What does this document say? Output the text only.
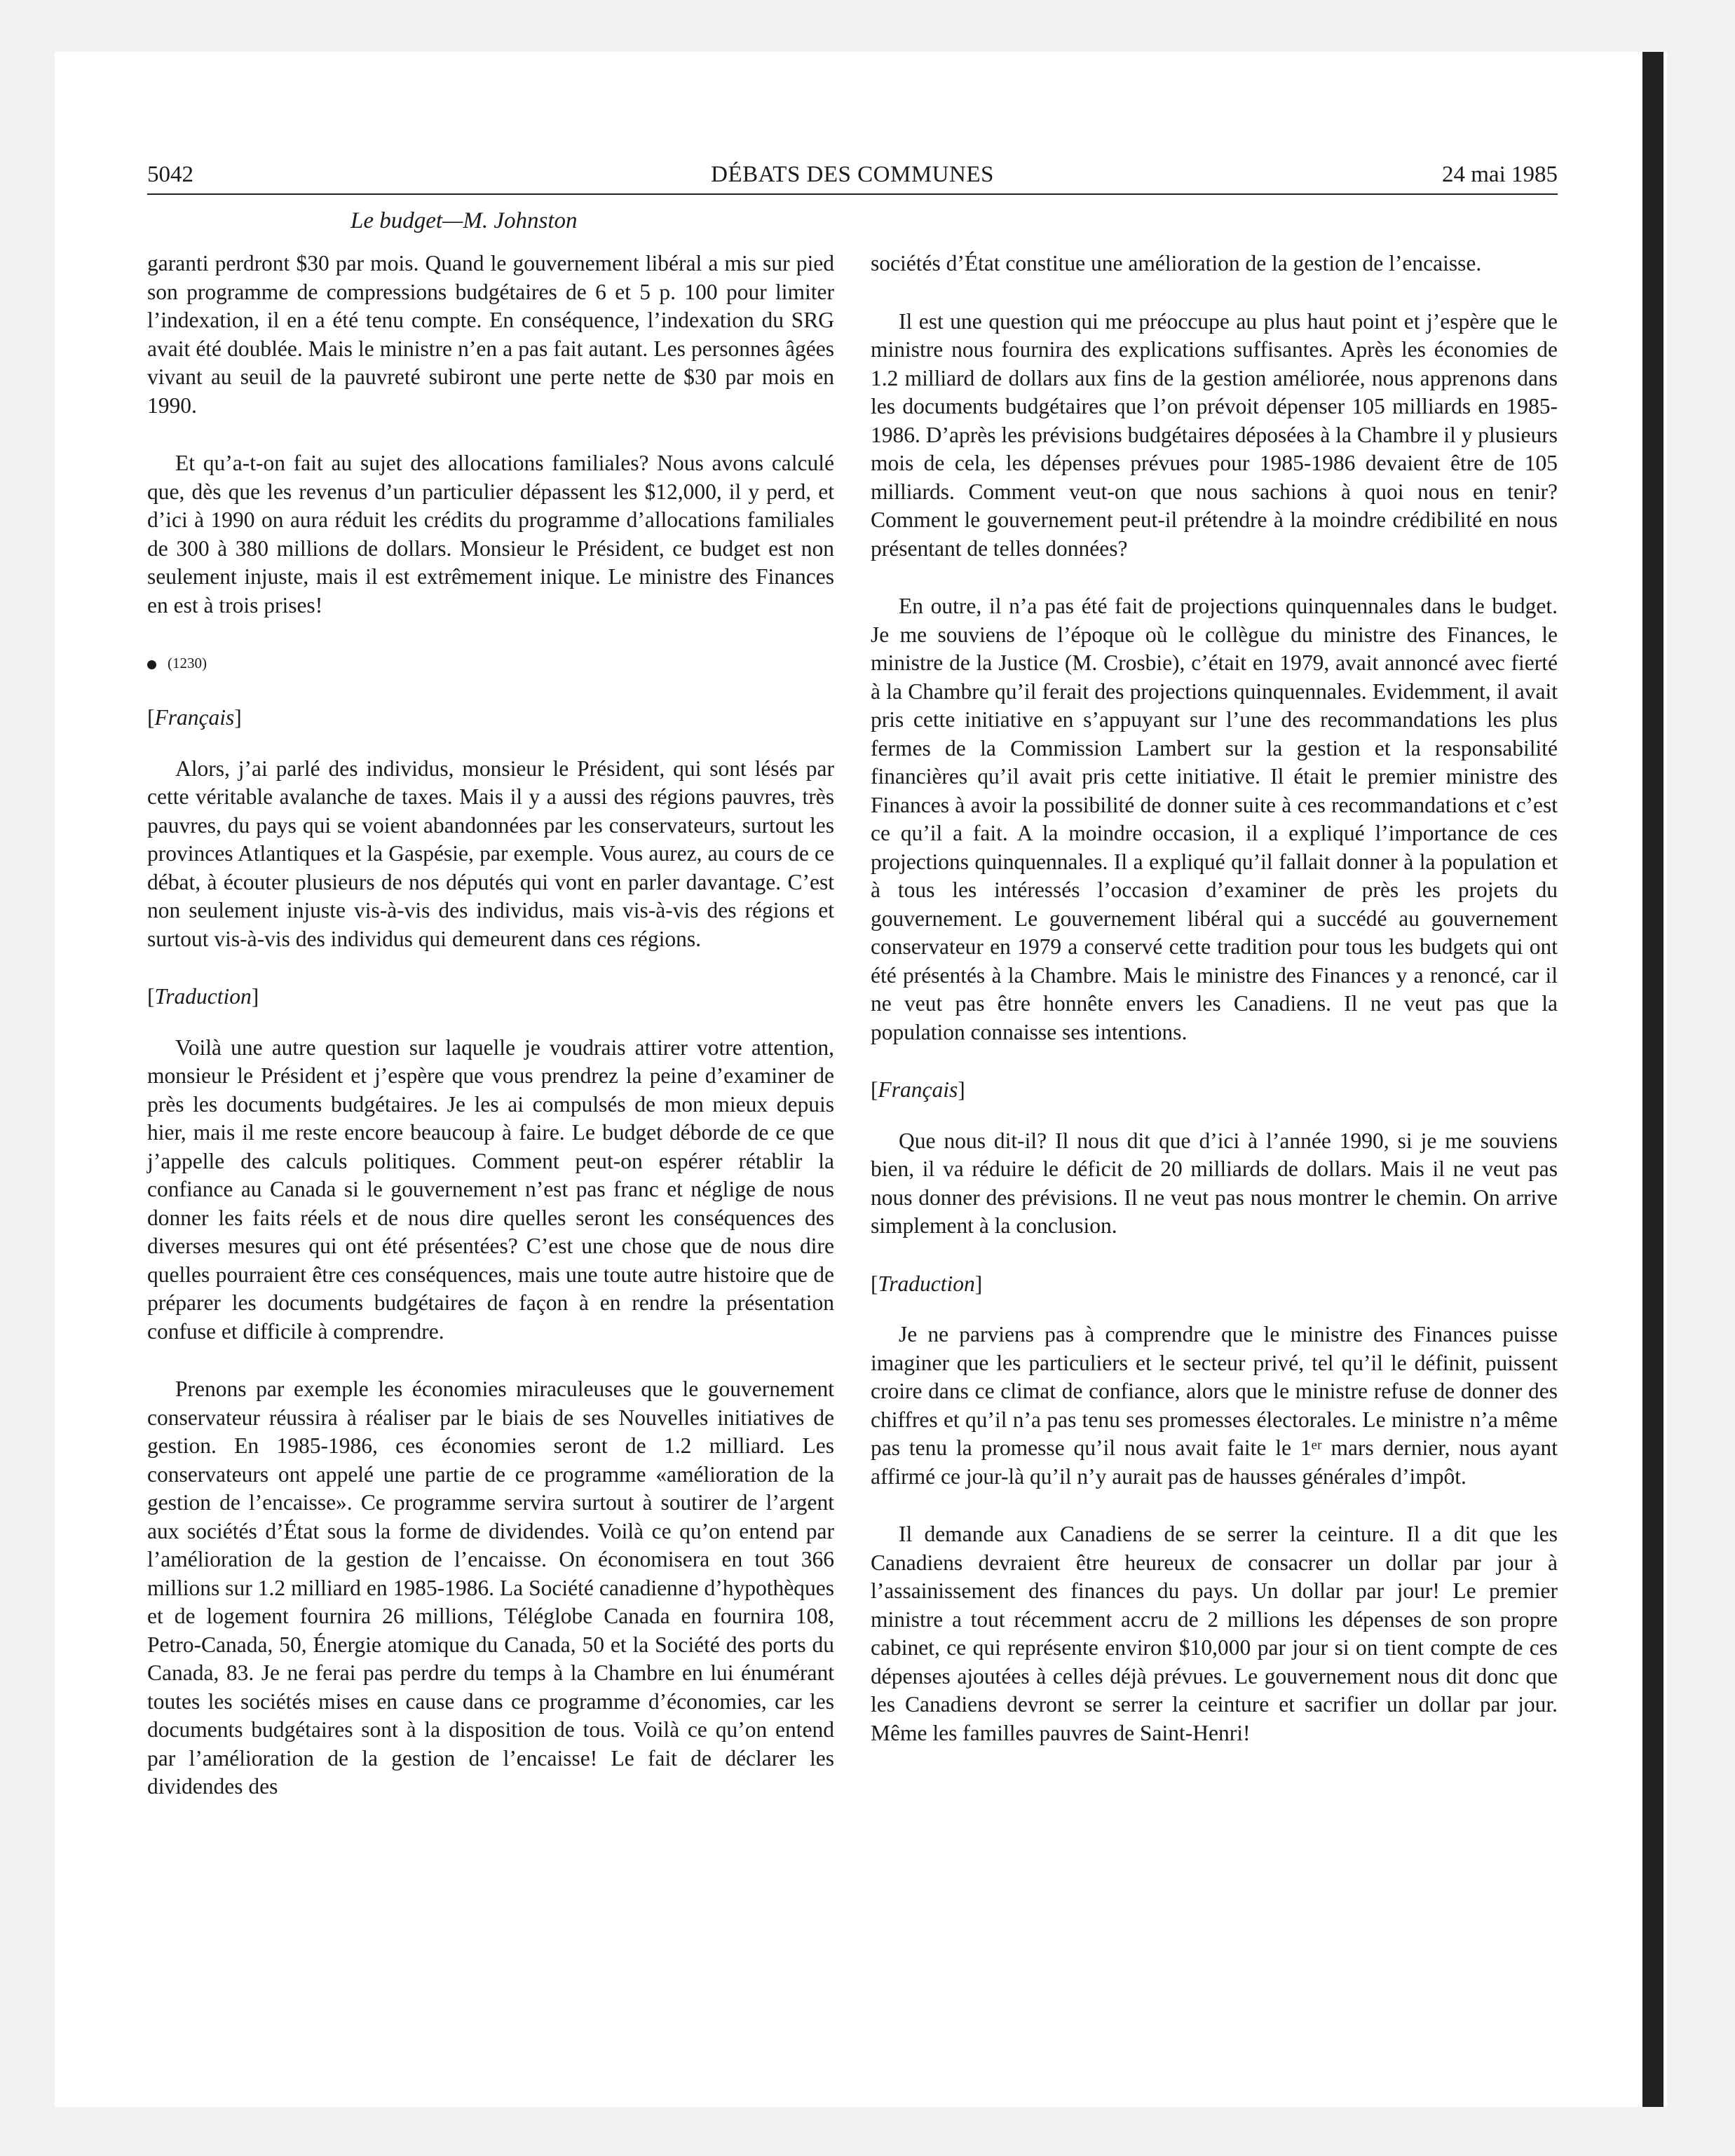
5042	DÉBATS DES COMMUNES	24 mai 1985
Le budget—M. Johnston

garanti perdront $30 par mois. Quand le gouvernement libéral a mis sur pied son programme de compressions budgétaires de 6 et 5 p. 100 pour limiter l’indexation, il en a été tenu compte. En conséquence, l’indexation du SRG avait été doublée. Mais le ministre n’en a pas fait autant. Les personnes âgées vivant au seuil de la pauvreté subiront une perte nette de $30 par mois en 1990.

Et qu’a-t-on fait au sujet des allocations familiales? Nous avons calculé que, dès que les revenus d’un particulier dépassent les $12,000, il y perd, et d’ici à 1990 on aura réduit les crédits du programme d’allocations familiales de 300 à 380 millions de dollars. Monsieur le Président, ce budget est non seulement injuste, mais il est extrêmement inique. Le ministre des Finances en est à trois prises!

(1230)

[Français]

Alors, j’ai parlé des individus, monsieur le Président, qui sont lésés par cette véritable avalanche de taxes. Mais il y a aussi des régions pauvres, très pauvres, du pays qui se voient abandonnées par les conservateurs, surtout les provinces Atlantiques et la Gaspésie, par exemple. Vous aurez, au cours de ce débat, à écouter plusieurs de nos députés qui vont en parler davantage. C’est non seulement injuste vis-à-vis des individus, mais vis-à-vis des régions et surtout vis-à-vis des individus qui demeurent dans ces régions.

[Traduction]

Voilà une autre question sur laquelle je voudrais attirer votre attention, monsieur le Président et j’espère que vous prendrez la peine d’examiner de près les documents budgétaires. Je les ai compulsés de mon mieux depuis hier, mais il me reste encore beaucoup à faire. Le budget déborde de ce que j’appelle des calculs politiques. Comment peut-on espérer rétablir la confiance au Canada si le gouvernement n’est pas franc et néglige de nous donner les faits réels et de nous dire quelles seront les conséquences des diverses mesures qui ont été présentées? C’est une chose que de nous dire quelles pourraient être ces conséquences, mais une toute autre histoire que de préparer les documents budgétaires de façon à en rendre la présentation confuse et difficile à comprendre.

Prenons par exemple les économies miraculeuses que le gouvernement conservateur réussira à réaliser par le biais de ses Nouvelles initiatives de gestion. En 1985-1986, ces économies seront de 1.2 milliard. Les conservateurs ont appelé une partie de ce programme «amélioration de la gestion de l’encaisse». Ce programme servira surtout à soutirer de l’argent aux sociétés d’État sous la forme de dividendes. Voilà ce qu’on entend par l’amélioration de la gestion de l’encaisse. On économisera en tout 366 millions sur 1.2 milliard en 1985-1986. La Société canadienne d’hypothèques et de logement fournira 26 millions, Téléglobe Canada en fournira 108, Petro-Canada, 50, Énergie atomique du Canada, 50 et la Société des ports du Canada, 83. Je ne ferai pas perdre du temps à la Chambre en lui énumérant toutes les sociétés mises en cause dans ce programme d’économies, car les documents budgétaires sont à la disposition de tous. Voilà ce qu’on entend par l’amélioration de la gestion de l’encaisse! Le fait de déclarer les dividendes des

sociétés d’État constitue une amélioration de la gestion de l’encaisse.

Il est une question qui me préoccupe au plus haut point et j’espère que le ministre nous fournira des explications suffisantes. Après les économies de 1.2 milliard de dollars aux fins de la gestion améliorée, nous apprenons dans les documents budgétaires que l’on prévoit dépenser 105 milliards en 1985-1986. D’après les prévisions budgétaires déposées à la Chambre il y plusieurs mois de cela, les dépenses prévues pour 1985-1986 devaient être de 105 milliards. Comment veut-on que nous sachions à quoi nous en tenir? Comment le gouvernement peut-il prétendre à la moindre crédibilité en nous présentant de telles données?

En outre, il n’a pas été fait de projections quinquennales dans le budget. Je me souviens de l’époque où le collègue du ministre des Finances, le ministre de la Justice (M. Crosbie), c’était en 1979, avait annoncé avec fierté à la Chambre qu’il ferait des projections quinquennales. Evidemment, il avait pris cette initiative en s’appuyant sur l’une des recommandations les plus fermes de la Commission Lambert sur la gestion et la responsabilité financières qu’il avait pris cette initiative. Il était le premier ministre des Finances à avoir la possibilité de donner suite à ces recommandations et c’est ce qu’il a fait. A la moindre occasion, il a expliqué l’importance de ces projections quinquennales. Il a expliqué qu’il fallait donner à la population et à tous les intéressés l’occasion d’examiner de près les projets du gouvernement. Le gouvernement libéral qui a succédé au gouvernement conservateur en 1979 a conservé cette tradition pour tous les budgets qui ont été présentés à la Chambre. Mais le ministre des Finances y a renoncé, car il ne veut pas être honnête envers les Canadiens. Il ne veut pas que la population connaisse ses intentions.

[Français]

Que nous dit-il? Il nous dit que d’ici à l’année 1990, si je me souviens bien, il va réduire le déficit de 20 milliards de dollars. Mais il ne veut pas nous donner des prévisions. Il ne veut pas nous montrer le chemin. On arrive simplement à la conclusion.

[Traduction]

Je ne parviens pas à comprendre que le ministre des Finances puisse imaginer que les particuliers et le secteur privé, tel qu’il le définit, puissent croire dans ce climat de confiance, alors que le ministre refuse de donner des chiffres et qu’il n’a pas tenu ses promesses électorales. Le ministre n’a même pas tenu la promesse qu’il nous avait faite le 1ᵉʳ mars dernier, nous ayant affirmé ce jour-là qu’il n’y aurait pas de hausses générales d’impôt.

Il demande aux Canadiens de se serrer la ceinture. Il a dit que les Canadiens devraient être heureux de consacrer un dollar par jour à l’assainissement des finances du pays. Un dollar par jour! Le premier ministre a tout récemment accru de 2 millions les dépenses de son propre cabinet, ce qui représente environ $10,000 par jour si on tient compte de ces dépenses ajoutées à celles déjà prévues. Le gouvernement nous dit donc que les Canadiens devront se serrer la ceinture et sacrifier un dollar par jour. Même les familles pauvres de Saint-Henri!
